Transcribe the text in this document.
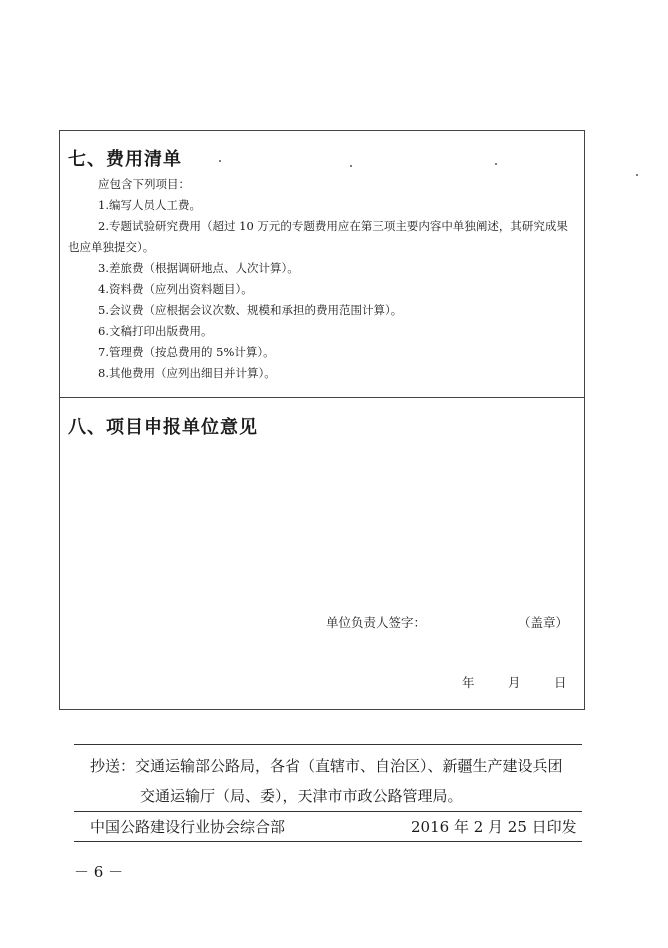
七、费用清单
应包含下列项目：
1.编写人员人工费。
2.专题试验研究费用（超过 10 万元的专题费用应在第三项主要内容中单独阐述，其研究成果
也应单独提交）。
3.差旅费（根据调研地点、人次计算）。
4.资料费（应列出资料题目）。
5.会议费（应根据会议次数、规模和承担的费用范围计算）。
6.文稿打印出版费用。
7.管理费（按总费用的 5%计算）。
8.其他费用（应列出细目并计算）。
八、项目申报单位意见
单位负责人签字：	（盖章）
年	月	日
抄送：交通运输部公路局，各省（直辖市、自治区）、新疆生产建设兵团
交通运输厅（局、委），天津市市政公路管理局。
中国公路建设行业协会综合部	2016 年 2 月 25 日印发
－ 6 －
